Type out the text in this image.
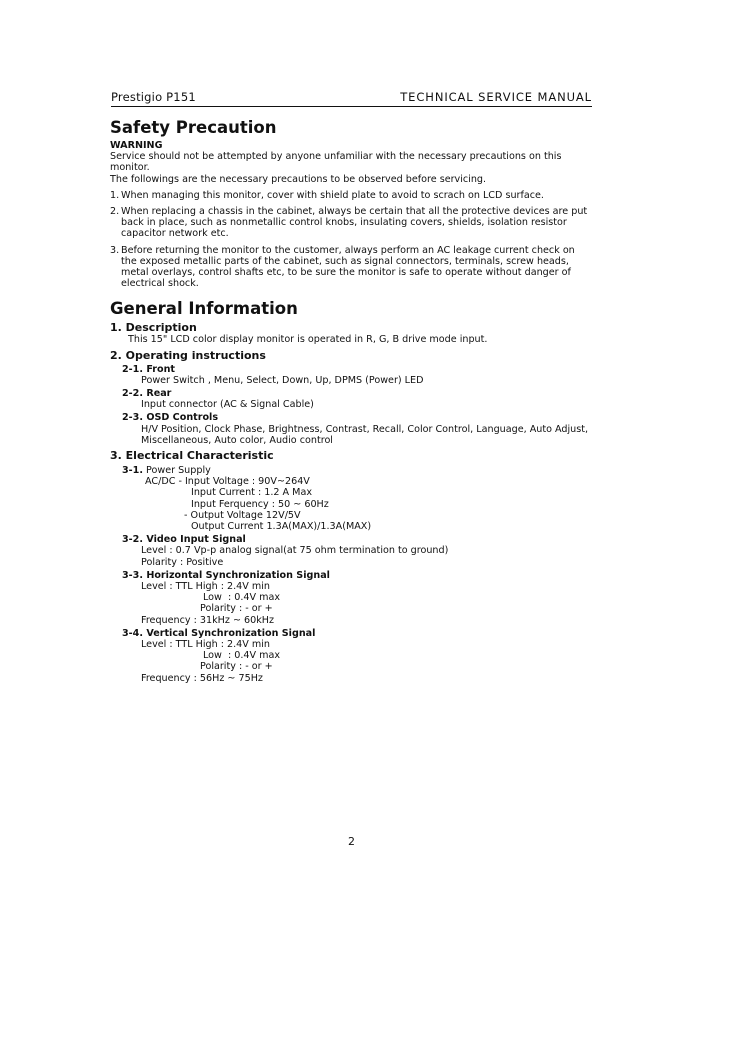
Prestigio P151	TECHNICAL SERVICE MANUAL
Safety Precaution
WARNING

Service should not be attempted by anyone unfamiliar with the necessary precautions on this monitor.

The followings are the necessary precautions to be observed before servicing.

1. When managing this monitor, cover with shield plate to avoid to scrach on LCD surface.
2. When replacing a chassis in the cabinet, always be certain that all the protective devices are put back in place, such as nonmetallic control knobs, insulating covers, shields, isolation resistor capacitor network etc.
3. Before returning the monitor to the customer, always perform an AC leakage current check on the exposed metallic parts of the cabinet, such as signal connectors, terminals, screw heads, metal overlays, control shafts etc, to be sure the monitor is safe to operate without danger of electrical shock.
General Information
1. Description
This 15" LCD color display monitor is operated in R, G, B drive mode input.
2. Operating instructions
2-1. Front
Power Switch , Menu, Select, Down, Up, DPMS (Power) LED
2-2. Rear
Input connector (AC & Signal Cable)
2-3. OSD Controls
H/V Position, Clock Phase, Brightness, Contrast, Recall, Color Control, Language, Auto Adjust, Miscellaneous, Auto color, Audio control
3. Electrical Characteristic
3-1. Power Supply
AC/DC - Input Voltage : 90V~264V
Input Current : 1.2 A Max
Input Ferquency : 50 ~ 60Hz
- Output Voltage 12V/5V
Output Current 1.3A(MAX)/1.3A(MAX)
3-2. Video Input Signal
Level : 0.7 Vp-p analog signal(at 75 ohm termination to ground)
Polarity : Positive
3-3. Horizontal Synchronization Signal
Level : TTL High : 2.4V min
Low  : 0.4V max
Polarity : - or +
Frequency : 31kHz ~ 60kHz
3-4. Vertical Synchronization Signal
Level : TTL High : 2.4V min
Low  : 0.4V max
Polarity : - or +
Frequency : 56Hz ~ 75Hz
2
